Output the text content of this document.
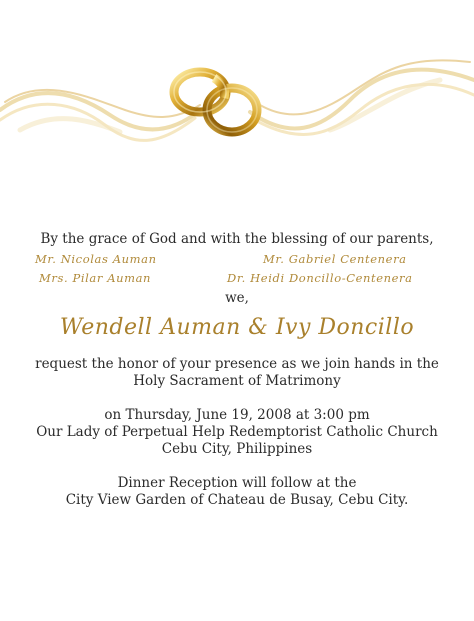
By the grace of God and with the blessing of our parents,
Mr. Nicolas Auman	Mr. Gabriel Centenera
Mrs. Pilar Auman	Dr. Heidi Doncillo-Centenera
we,
Wendell Auman & Ivy Doncillo
request the honor of your presence as we join hands in the
Holy Sacrament of Matrimony
on Thursday, June 19, 2008 at 3:00 pm
Our Lady of Perpetual Help Redemptorist Catholic Church
Cebu City, Philippines
Dinner Reception will follow at the
City View Garden of Chateau de Busay, Cebu City.
